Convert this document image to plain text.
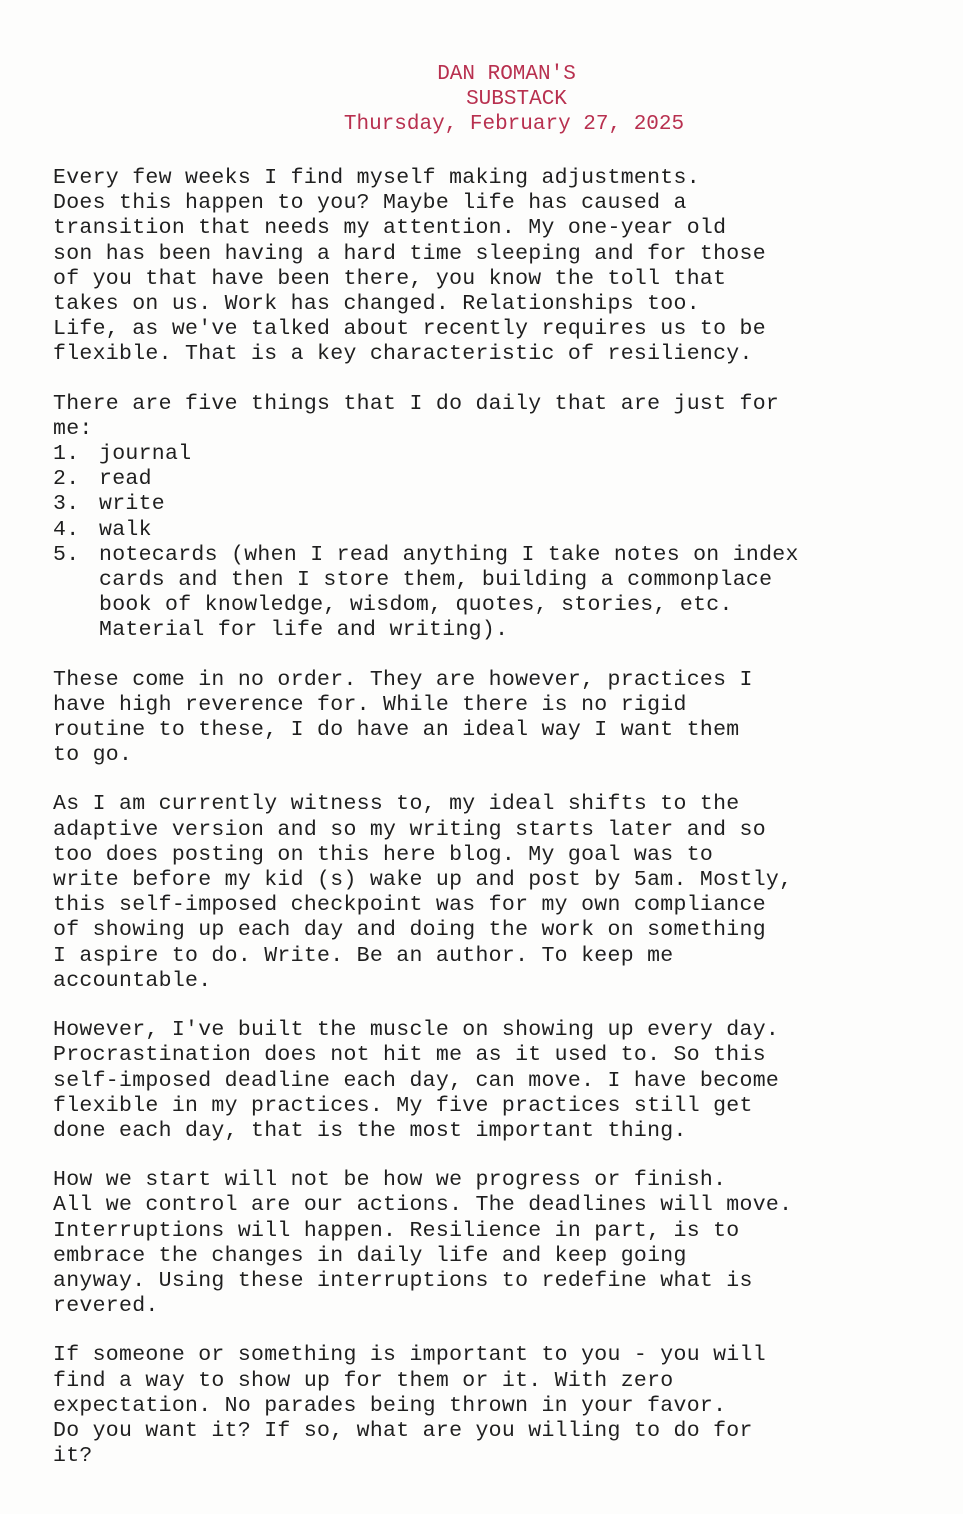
DAN ROMAN'S
SUBSTACK
Thursday, February 27, 2025

Every few weeks I find myself making adjustments.
Does this happen to you? Maybe life has caused a
transition that needs my attention. My one-year old
son has been having a hard time sleeping and for those
of you that have been there, you know the toll that
takes on us. Work has changed. Relationships too.
Life, as we've talked about recently requires us to be
flexible. That is a key characteristic of resiliency.

There are five things that I do daily that are just for
me:

1. journal
2. read
3. write
4. walk
5. notecards (when I read anything I take notes on index
cards and then I store them, building a commonplace
book of knowledge, wisdom, quotes, stories, etc.
Material for life and writing).

These come in no order. They are however, practices I
have high reverence for. While there is no rigid
routine to these, I do have an ideal way I want them
to go.

As I am currently witness to, my ideal shifts to the
adaptive version and so my writing starts later and so
too does posting on this here blog. My goal was to
write before my kid (s) wake up and post by 5am. Mostly,
this self-imposed checkpoint was for my own compliance
of showing up each day and doing the work on something
I aspire to do. Write. Be an author. To keep me
accountable.

However, I've built the muscle on showing up every day.
Procrastination does not hit me as it used to. So this
self-imposed deadline each day, can move. I have become
flexible in my practices. My five practices still get
done each day, that is the most important thing.

How we start will not be how we progress or finish.
All we control are our actions. The deadlines will move.
Interruptions will happen. Resilience in part, is to
embrace the changes in daily life and keep going
anyway. Using these interruptions to redefine what is
revered.

If someone or something is important to you - you will
find a way to show up for them or it. With zero
expectation. No parades being thrown in your favor.
Do you want it? If so, what are you willing to do for
it?
